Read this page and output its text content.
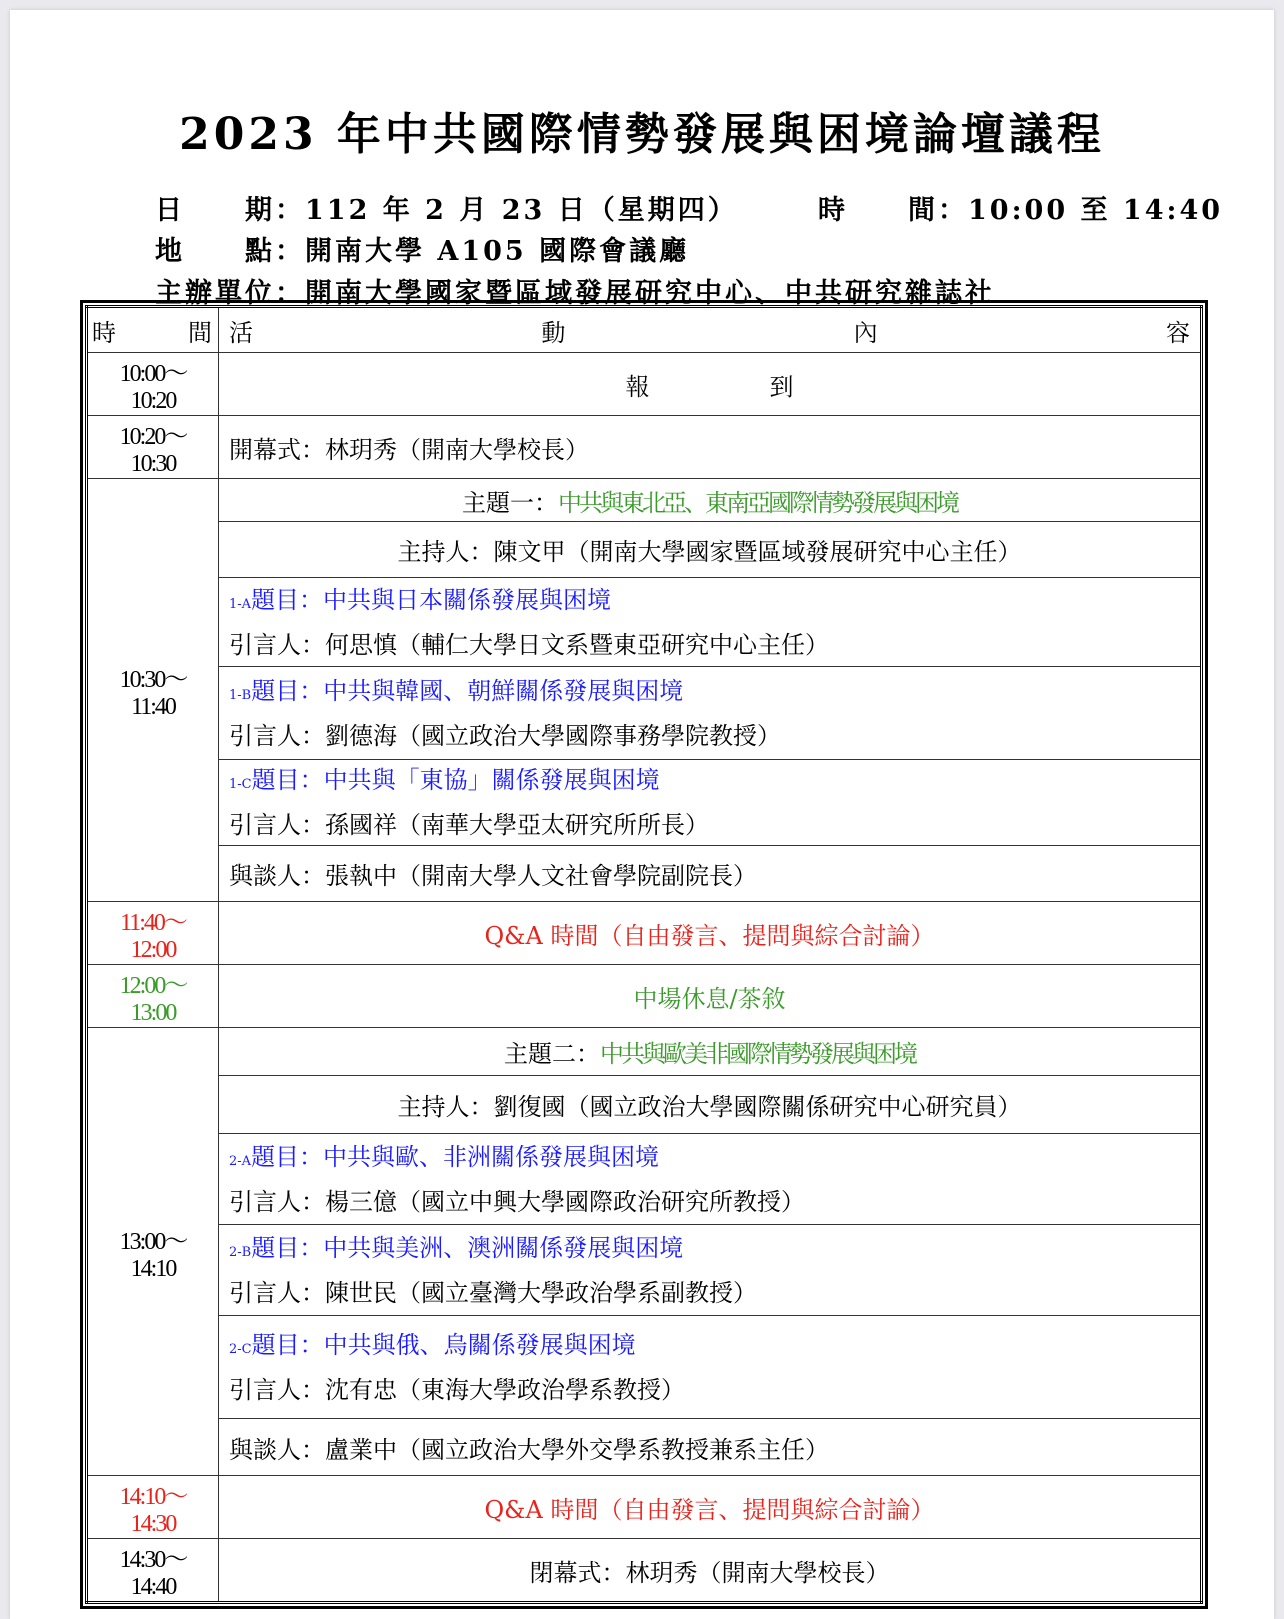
2023 年中共國際情勢發展與困境論壇議程
日　　期：112 年 2 月 23 日（星期四）	時　　間：10:00 至 14:40
地　　點：開南大學 A105 國際會議廳
主辦單位：開南大學國家暨區域發展研究中心、中共研究雜誌社
時　　　間	活 動 內 容

10:00～10:20	報　　　　　到
10:20～10:30	開幕式：林玥秀（開南大學校長）
10:30～11:40	主題一：中共與東北亞、東南亞國際情勢發展與困境
	主持人：陳文甲（開南大學國家暨區域發展研究中心主任）

	1-A題目：中共與日本關係發展與困境
引言人：何思慎（輔仁大學日文系暨東亞研究中心主任）

	1-B題目：中共與韓國、朝鮮關係發展與困境
引言人：劉德海（國立政治大學國際事務學院教授）

	1-C題目：中共與「東協」關係發展與困境
引言人：孫國祥（南華大學亞太研究所所長）

	與談人：張執中（開南大學人文社會學院副院長）
11:40～12:00	Q&A 時間（自由發言、提問與綜合討論）
12:00～13:00	中場休息/茶敘
13:00～14:10	主題二：中共與歐美非國際情勢發展與困境
	主持人：劉復國（國立政治大學國際關係研究中心研究員）

	2-A題目：中共與歐、非洲關係發展與困境
引言人：楊三億（國立中興大學國際政治研究所教授）

	2-B題目：中共與美洲、澳洲關係發展與困境
引言人：陳世民（國立臺灣大學政治學系副教授）

	2-C題目：中共與俄、烏關係發展與困境
引言人：沈有忠（東海大學政治學系教授）

	與談人：盧業中（國立政治大學外交學系教授兼系主任）
14:10～14:30	Q&A 時間（自由發言、提問與綜合討論）
14:30～14:40	閉幕式：林玥秀（開南大學校長）
